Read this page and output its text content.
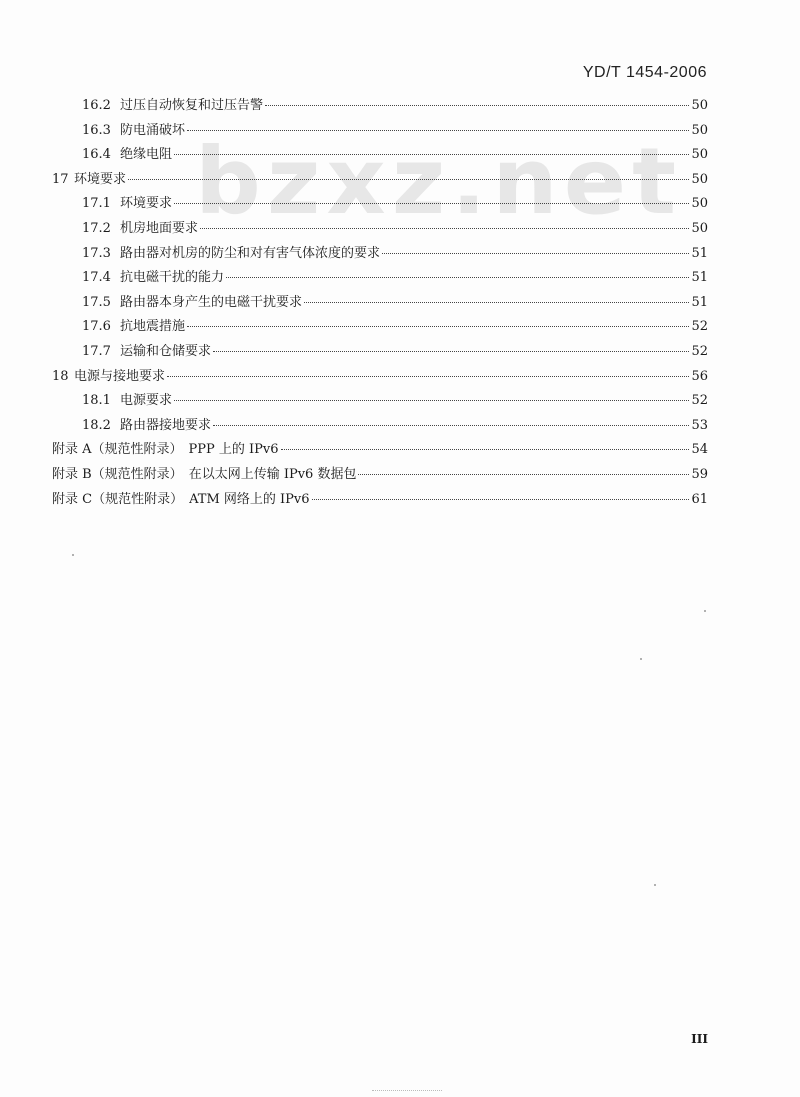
YD/T 1454-2006
bzxz.net
16.2 过压自动恢复和过压告警	50
16.3 防电涌破坏	50
16.4 绝缘电阻	50
17 环境要求	50
17.1 环境要求	50
17.2 机房地面要求	50
17.3 路由器对机房的防尘和对有害气体浓度的要求	51
17.4 抗电磁干扰的能力	51
17.5 路由器本身产生的电磁干扰要求	51
17.6 抗地震措施	52
17.7 运输和仓储要求	52
18 电源与接地要求	56
18.1 电源要求	52
18.2 路由器接地要求	53
附录 A（规范性附录） PPP 上的 IPv6	54
附录 B（规范性附录） 在以太网上传输 IPv6 数据包	59
附录 C（规范性附录） ATM 网络上的 IPv6	61
III
